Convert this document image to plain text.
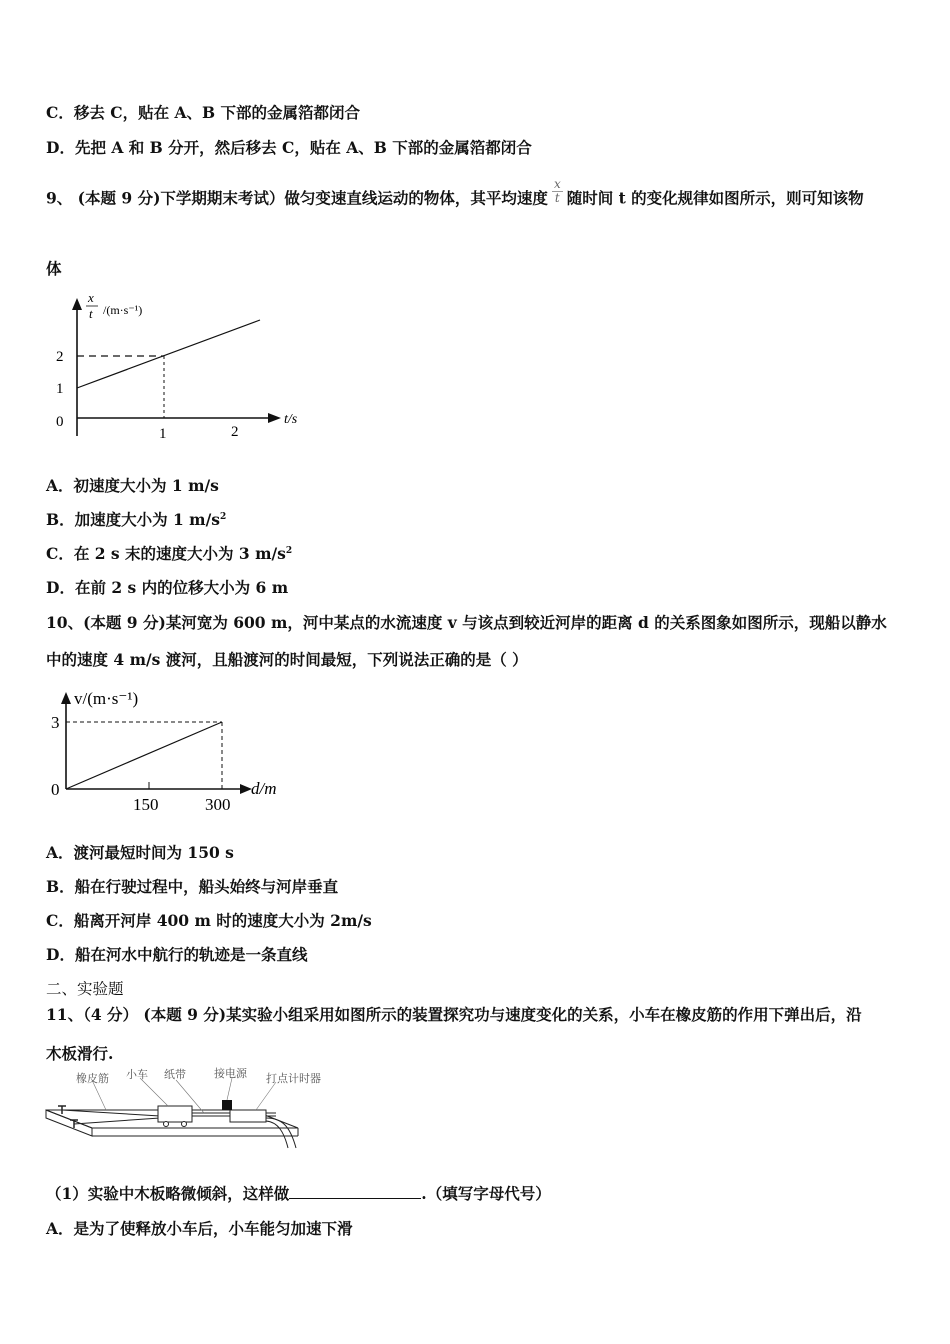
C．移去 C，贴在 A、B 下部的金属箔都闭合
D．先把 A 和 B 分开，然后移去 C，贴在 A、B 下部的金属箔都闭合
9、 (本题 9 分)下学期期末考试）做匀变速直线运动的物体，其平均速度 $\frac{x}{t}$ 随时间 t 的变化规律如图所示，则可知该物
体
x
t /(m·s⁻¹)
2
1
0
1	2
t/s
A．初速度大小为 1 m/s
B．加速度大小为 1 $m/s^2$
C．在 2 s 末的速度大小为 3 $m/s^2$
D．在前 2 s 内的位移大小为 6 m
10、(本题 9 分)某河宽为 600 m，河中某点的水流速度 v 与该点到较近河岸的距离 d 的关系图象如图所示，现船以静水
中的速度 4 m/s 渡河，且船渡河的时间最短，下列说法正确的是（ ）
v/(m·s⁻¹)
3
0
150	300
d/m
A．渡河最短时间为 150 s
B．船在行驶过程中，船头始终与河岸垂直
C．船离开河岸 400 m 时的速度大小为 2m/s
D．船在河水中航行的轨迹是一条直线
二、实验题
11、（4 分） (本题 9 分)某实验小组采用如图所示的装置探究功与速度变化的关系，小车在橡皮筋的作用下弹出后，沿
木板滑行.
橡皮筋 小车 纸带	接电源 打点计时器
（1）实验中木板略微倾斜，这样做	.（填写字母代号）
A．是为了使释放小车后，小车能匀加速下滑
